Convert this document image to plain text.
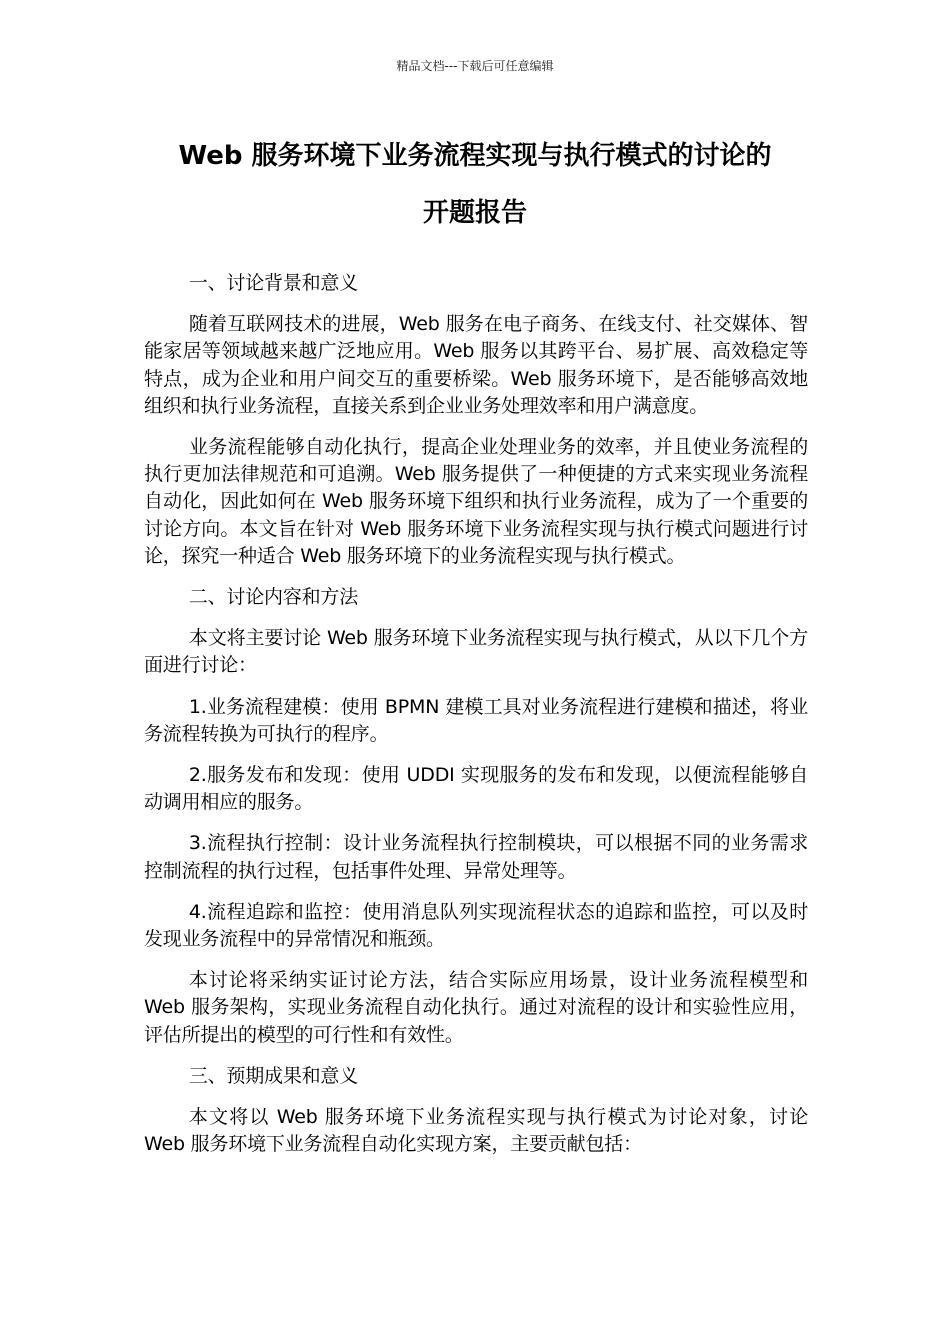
精品文档---下载后可任意编辑
Web 服务环境下业务流程实现与执行模式的讨论的
开题报告

一、讨论背景和意义

随着互联网技术的进展，Web 服务在电子商务、在线支付、社交媒体、智能家居等领域越来越广泛地应用。Web 服务以其跨平台、易扩展、高效稳定等特点，成为企业和用户间交互的重要桥梁。Web 服务环境下，是否能够高效地组织和执行业务流程，直接关系到企业业务处理效率和用户满意度。

业务流程能够自动化执行，提高企业处理业务的效率，并且使业务流程的执行更加法律规范和可追溯。Web 服务提供了一种便捷的方式来实现业务流程自动化，因此如何在 Web 服务环境下组织和执行业务流程，成为了一个重要的讨论方向。本文旨在针对 Web 服务环境下业务流程实现与执行模式问题进行讨论，探究一种适合 Web 服务环境下的业务流程实现与执行模式。

二、讨论内容和方法

本文将主要讨论 Web 服务环境下业务流程实现与执行模式，从以下几个方面进行讨论：

1.业务流程建模：使用 BPMN 建模工具对业务流程进行建模和描述，将业务流程转换为可执行的程序。

2.服务发布和发现：使用 UDDI 实现服务的发布和发现，以便流程能够自动调用相应的服务。

3.流程执行控制：设计业务流程执行控制模块，可以根据不同的业务需求控制流程的执行过程，包括事件处理、异常处理等。

4.流程追踪和监控：使用消息队列实现流程状态的追踪和监控，可以及时发现业务流程中的异常情况和瓶颈。

本讨论将采纳实证讨论方法，结合实际应用场景，设计业务流程模型和 Web 服务架构，实现业务流程自动化执行。通过对流程的设计和实验性应用，评估所提出的模型的可行性和有效性。

三、预期成果和意义

本文将以 Web 服务环境下业务流程实现与执行模式为讨论对象，讨论 Web 服务环境下业务流程自动化实现方案，主要贡献包括：
